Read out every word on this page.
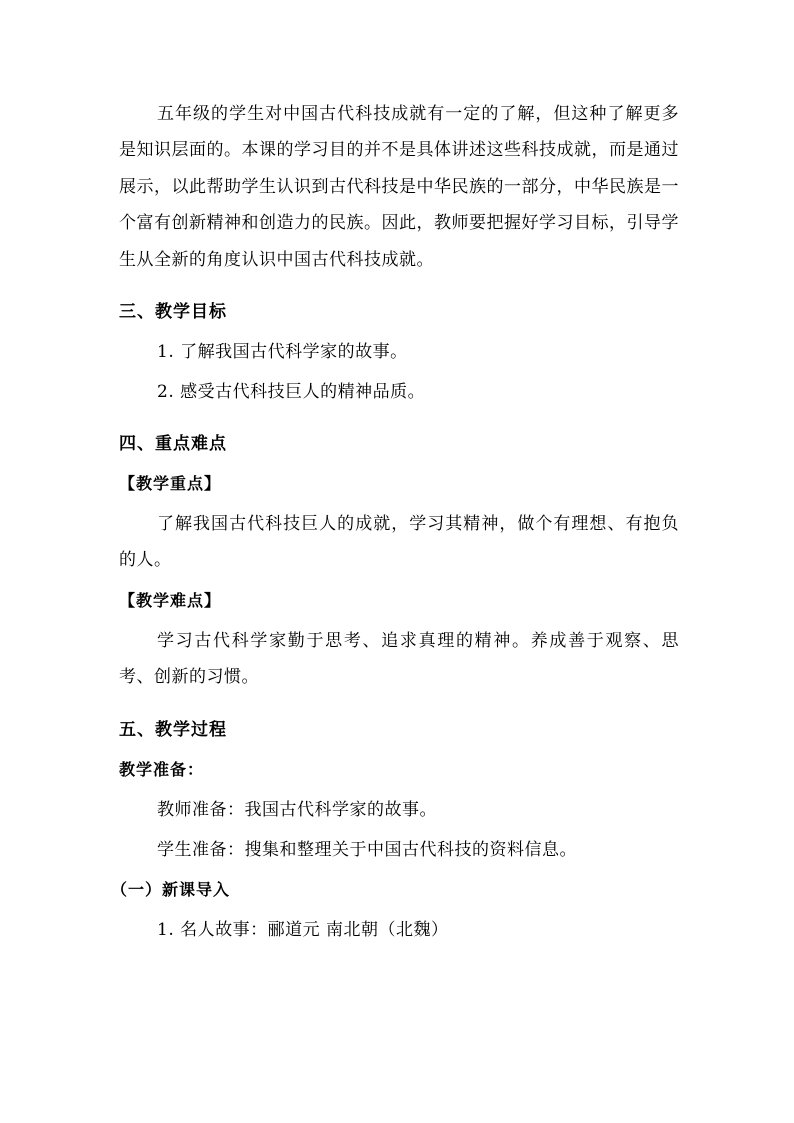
五年级的学生对中国古代科技成就有一定的了解，但这种了解更多是知识层面的。本课的学习目的并不是具体讲述这些科技成就，而是通过展示，以此帮助学生认识到古代科技是中华民族的一部分，中华民族是一个富有创新精神和创造力的民族。因此，教师要把握好学习目标，引导学生从全新的角度认识中国古代科技成就。

三、教学目标

1. 了解我国古代科学家的故事。

2. 感受古代科技巨人的精神品质。

四、重点难点
【教学重点】

了解我国古代科技巨人的成就，学习其精神，做个有理想、有抱负的人。

【教学难点】

学习古代科学家勤于思考、追求真理的精神。养成善于观察、思考、创新的习惯。

五、教学过程
教学准备：

教师准备：我国古代科学家的故事。

学生准备：搜集和整理关于中国古代科技的资料信息。

（一）新课导入

1. 名人故事：郦道元 南北朝（北魏）
